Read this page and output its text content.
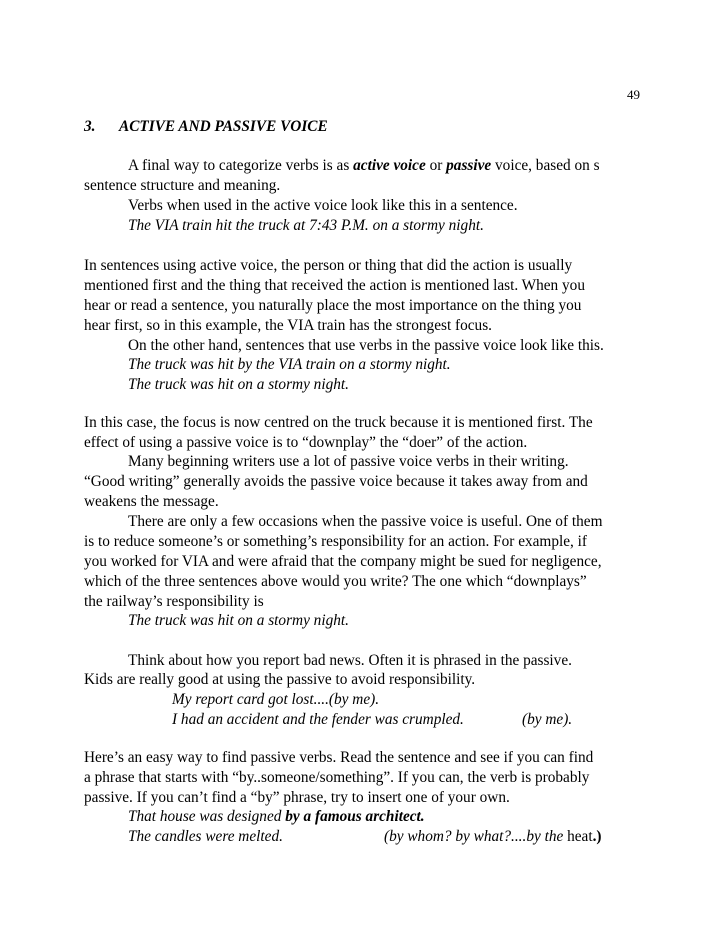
49
3. ACTIVE AND PASSIVE VOICE
A final way to categorize verbs is as active voice or passive voice, based on s
sentence structure and meaning.
Verbs when used in the active voice look like this in a sentence.
The VIA train hit the truck at 7:43 P.M. on a stormy night.
In sentences using active voice, the person or thing that did the action is usually
mentioned first and the thing that received the action is mentioned last. When you
hear or read a sentence, you naturally place the most importance on the thing you
hear first, so in this example, the VIA train has the strongest focus.
On the other hand, sentences that use verbs in the passive voice look like this.
The truck was hit by the VIA train on a stormy night.
The truck was hit on a stormy night.
In this case, the focus is now centred on the truck because it is mentioned first. The
effect of using a passive voice is to “downplay” the “doer” of the action.
Many beginning writers use a lot of passive voice verbs in their writing.
“Good writing” generally avoids the passive voice because it takes away from and
weakens the message.
There are only a few occasions when the passive voice is useful. One of them
is to reduce someone’s or something’s responsibility for an action. For example, if
you worked for VIA and were afraid that the company might be sued for negligence,
which of the three sentences above would you write? The one which “downplays”
the railway’s responsibility is
The truck was hit on a stormy night.
Think about how you report bad news. Often it is phrased in the passive.
Kids are really good at using the passive to avoid responsibility.
My report card got lost....(by me).
I had an accident and the fender was crumpled.	(by me).
Here’s an easy way to find passive verbs. Read the sentence and see if you can find
a phrase that starts with “by..someone/something”. If you can, the verb is probably
passive. If you can’t find a “by” phrase, try to insert one of your own.
That house was designed by a famous architect.
The candles were melted.	(by whom? by what?....by the heat.)
